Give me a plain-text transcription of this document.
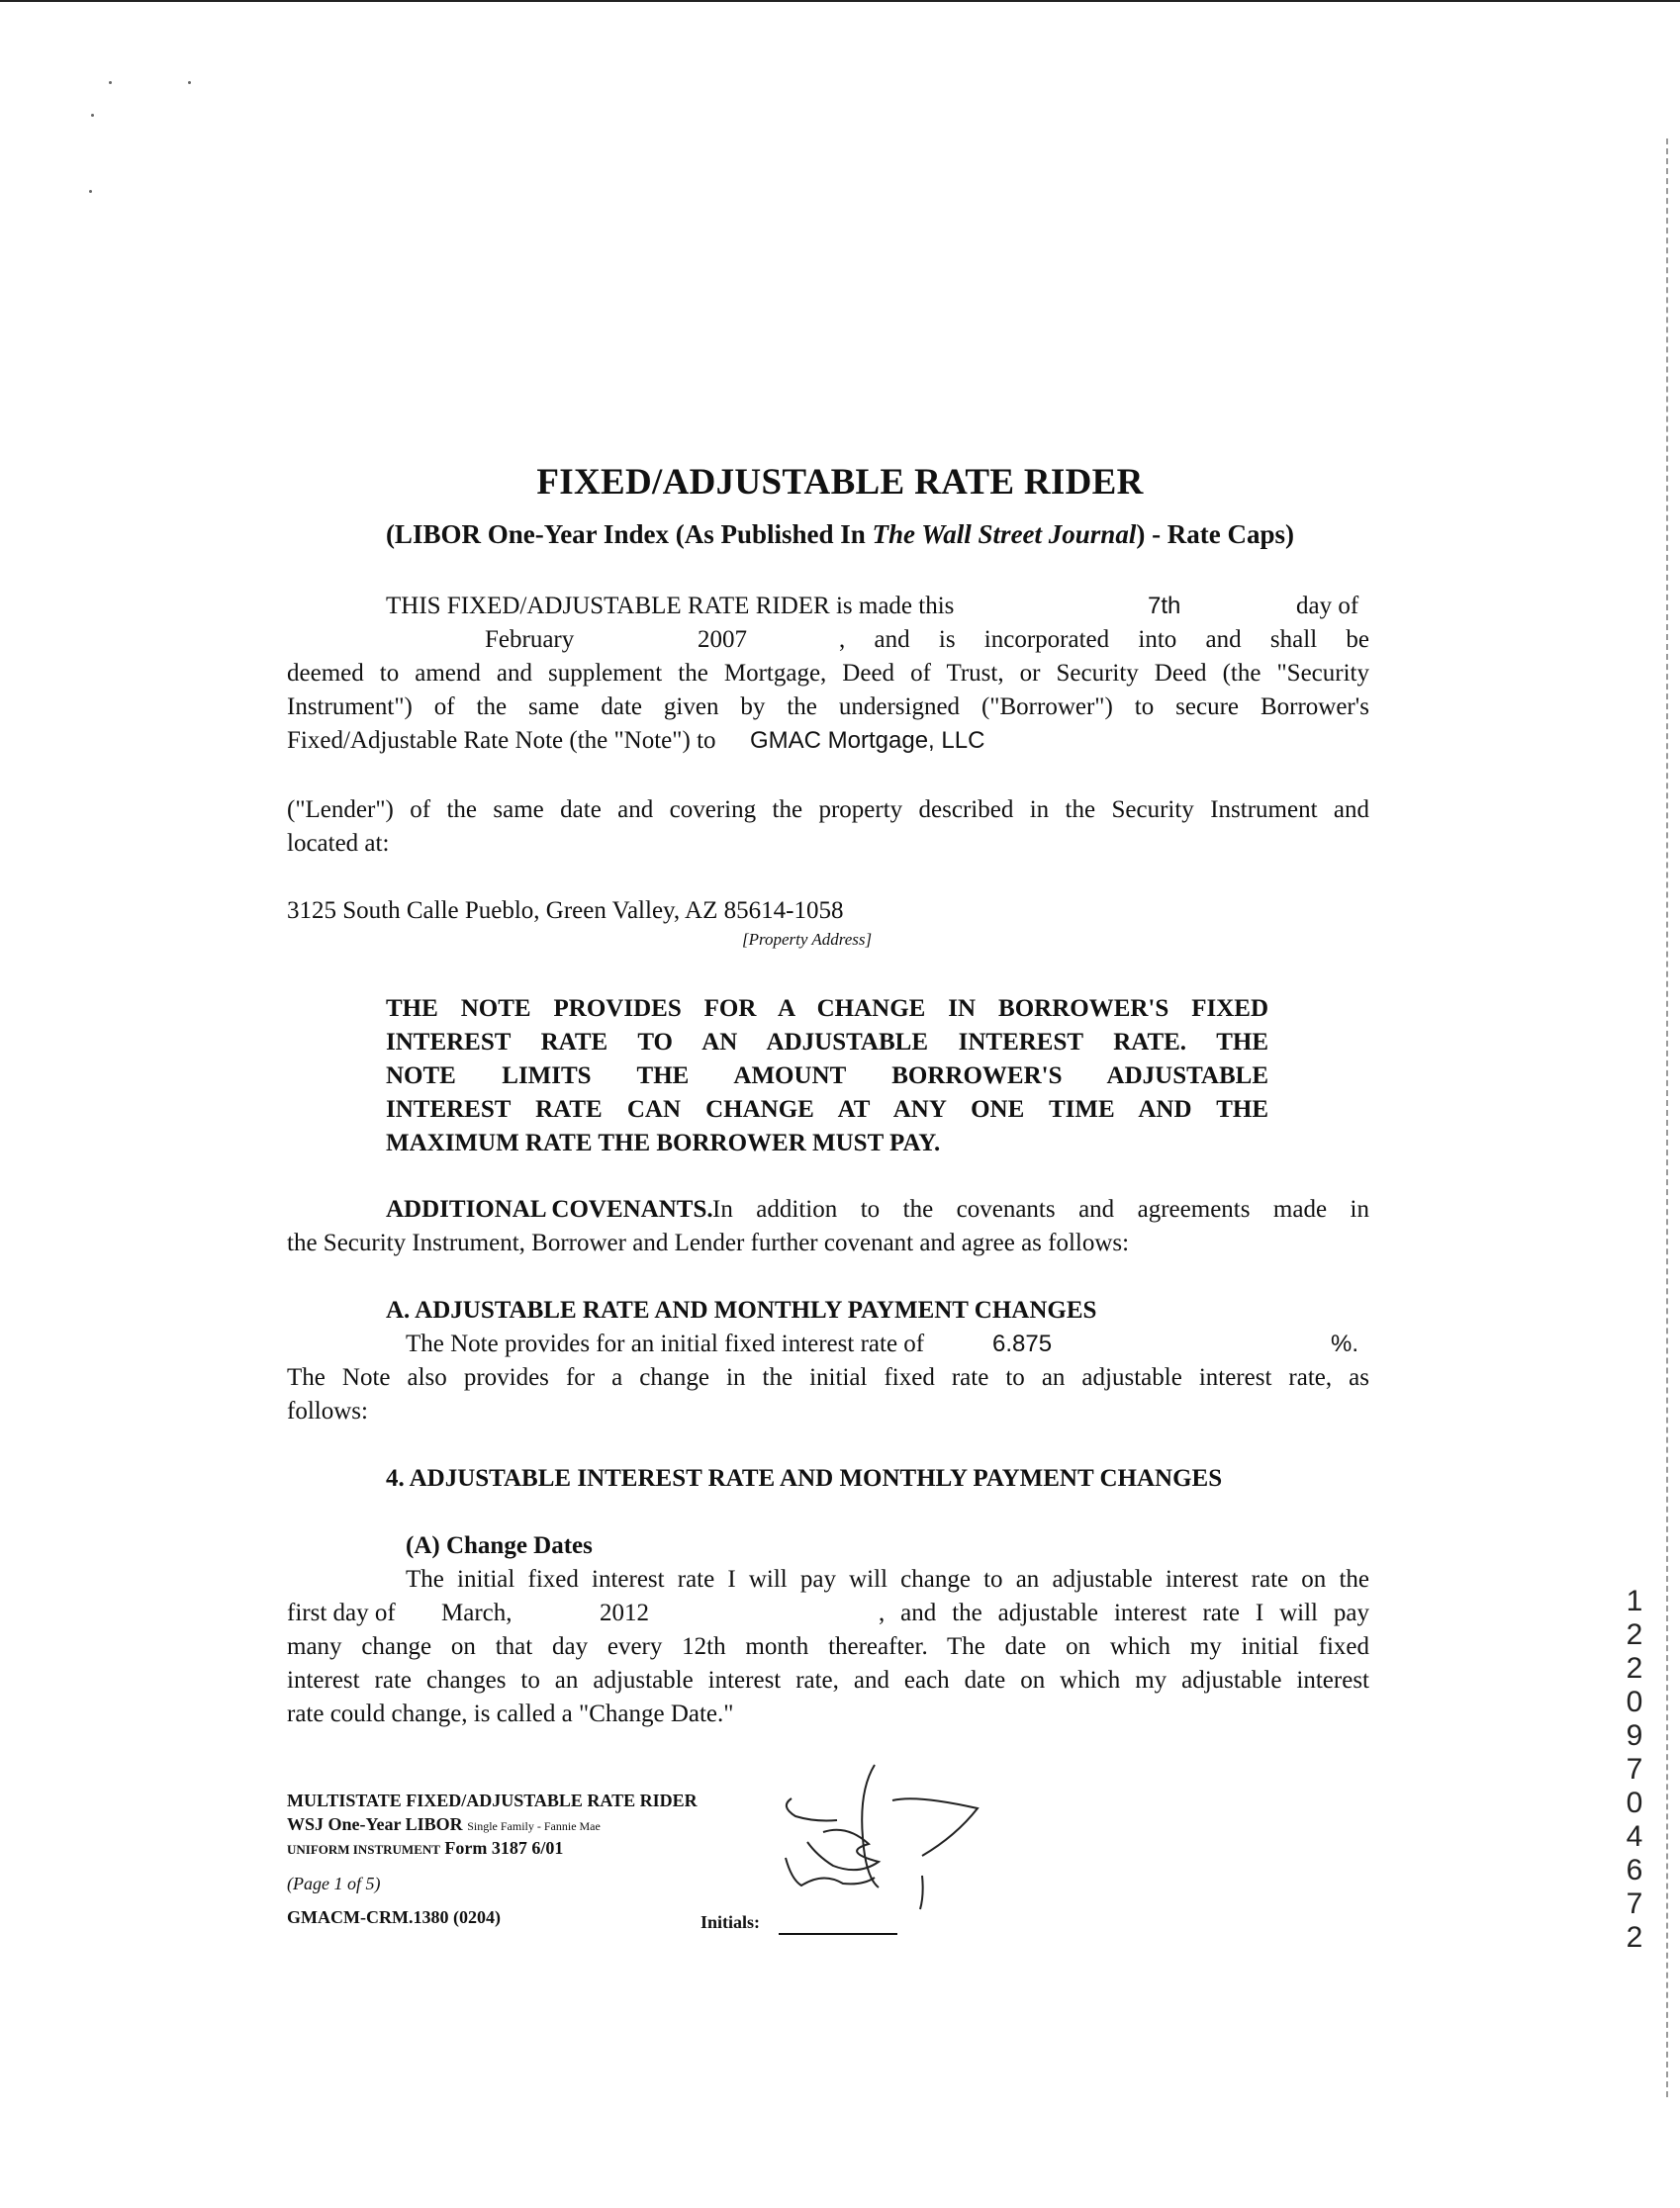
FIXED/ADJUSTABLE RATE RIDER
(LIBOR One-Year Index (As Published In The Wall Street Journal) - Rate Caps)
THIS FIXED/ADJUSTABLE RATE RIDER is made this	7th	day of
February	2007	, and is incorporated into and shall be
deemed to amend and supplement the Mortgage, Deed of Trust, or Security Deed (the "Security
Instrument") of the same date given by the undersigned ("Borrower") to secure Borrower's
Fixed/Adjustable Rate Note (the "Note") to GMAC Mortgage, LLC
("Lender") of the same date and covering the property described in the Security Instrument and
located at:
3125 South Calle Pueblo, Green Valley, AZ 85614-1058
[Property Address]
THE NOTE PROVIDES FOR A CHANGE IN BORROWER'S FIXED
INTEREST RATE TO AN ADJUSTABLE INTEREST RATE. THE
NOTE LIMITS THE AMOUNT BORROWER'S ADJUSTABLE
INTEREST RATE CAN CHANGE AT ANY ONE TIME AND THE
MAXIMUM RATE THE BORROWER MUST PAY.
ADDITIONAL COVENANTS. In addition to the covenants and agreements made in
the Security Instrument, Borrower and Lender further covenant and agree as follows:
A. ADJUSTABLE RATE AND MONTHLY PAYMENT CHANGES
The Note provides for an initial fixed interest rate of	6.875	%.
The Note also provides for a change in the initial fixed rate to an adjustable interest rate, as
follows:
4. ADJUSTABLE INTEREST RATE AND MONTHLY PAYMENT CHANGES
(A) Change Dates
The initial fixed interest rate I will pay will change to an adjustable interest rate on the
first day of March,	2012	, and the adjustable interest rate I will pay
many change on that day every 12th month thereafter. The date on which my initial fixed
interest rate changes to an adjustable interest rate, and each date on which my adjustable interest
rate could change, is called a "Change Date."
MULTISTATE FIXED/ADJUSTABLE RATE RIDER
WSJ One-Year LIBOR Single Family - Fannie Mae
UNIFORM INSTRUMENT Form 3187 6/01
(Page 1 of 5)
GMACM-CRM.1380 (0204)	Initials:
1
2
2
0
9
7
0
4
6
7
2
